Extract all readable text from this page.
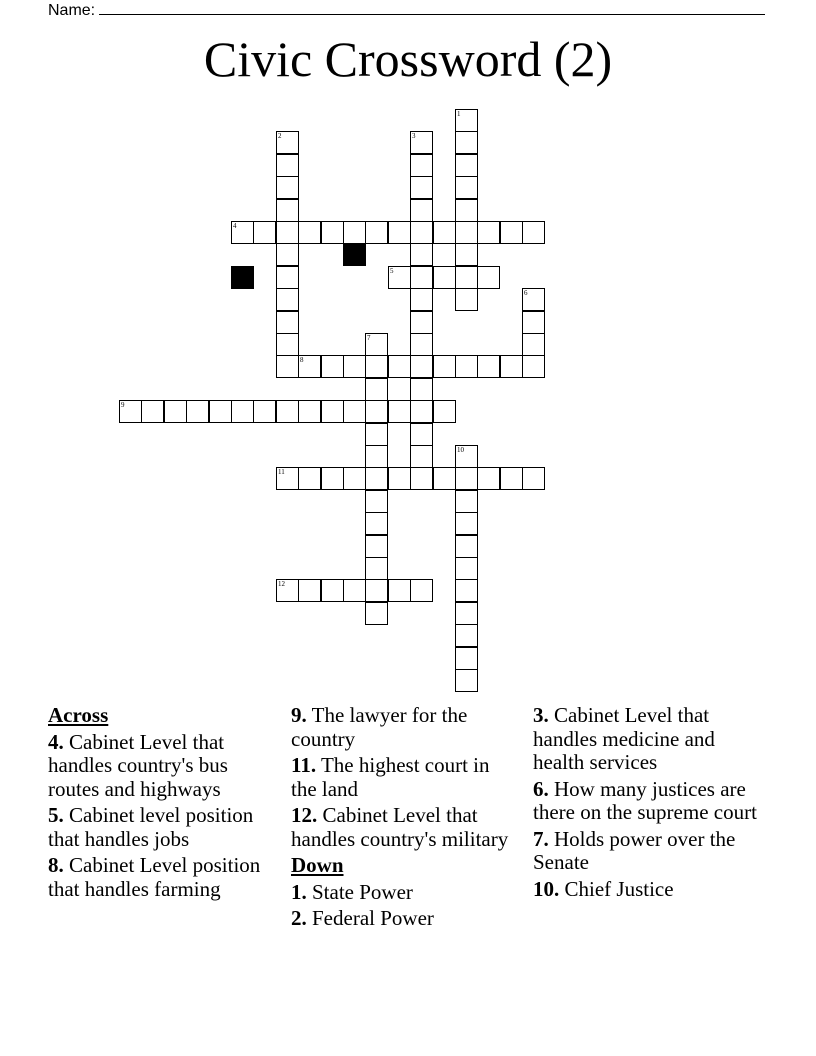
Name:
Civic Crossword (2)
1
2	3
4
5
6
7
8
9
10
11
12
Across
4. Cabinet Level that handles country's bus routes and highways
5. Cabinet level position that handles jobs
8. Cabinet Level position that handles farming
9. The lawyer for the country
11. The highest court in the land
12. Cabinet Level that handles country's military
Down
1. State Power
2. Federal Power
3. Cabinet Level that handles medicine and health services
6. How many justices are there on the supreme court
7. Holds power over the Senate
10. Chief Justice
